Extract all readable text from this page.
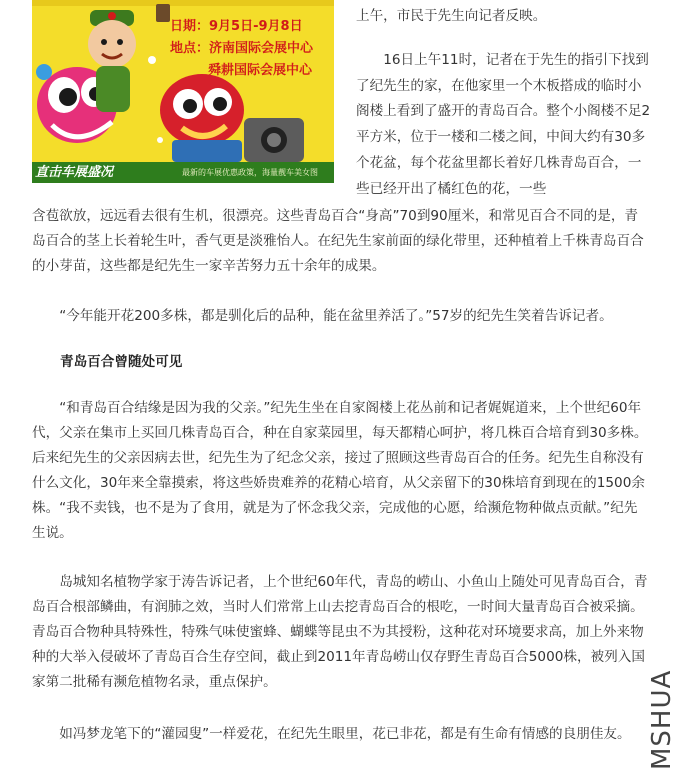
日期：9月5日-9月8日
地点：济南国际会展中心
舜耕国际会展中心
直击车展盛况	最新的车展优惠政策，海量靓车美女图

上午，市民于先生向记者反映。

16日上午11时，记者在于先生的指引下找到了纪先生的家，在他家里一个木板搭成的临时小阁楼上看到了盛开的青岛百合。整个小阁楼不足2平方米，位于一楼和二楼之间，中间大约有30多个花盆，每个花盆里都长着好几株青岛百合，一些已经开出了橘红色的花，一些

含苞欲放，远远看去很有生机，很漂亮。这些青岛百合“身高”70到90厘米，和常见百合不同的是，青岛百合的茎上长着轮生叶，香气更是淡雅怡人。在纪先生家前面的绿化带里，还种植着上千株青岛百合的小芽苗，这些都是纪先生一家辛苦努力五十余年的成果。

“今年能开花200多株，都是驯化后的品种，能在盆里养活了。”57岁的纪先生笑着告诉记者。

青岛百合曾随处可见

“和青岛百合结缘是因为我的父亲。”纪先生坐在自家阁楼上花丛前和记者娓娓道来，上个世纪60年代，父亲在集市上买回几株青岛百合，种在自家菜园里，每天都精心呵护，将几株百合培育到30多株。后来纪先生的父亲因病去世，纪先生为了纪念父亲，接过了照顾这些青岛百合的任务。纪先生自称没有什么文化，30年来全靠摸索，将这些娇贵难养的花精心培育，从父亲留下的30株培育到现在的1500余株。“我不卖钱，也不是为了食用，就是为了怀念我父亲，完成他的心愿，给濒危物种做点贡献。”纪先生说。

岛城知名植物学家于涛告诉记者，上个世纪60年代，青岛的崂山、小鱼山上随处可见青岛百合，青岛百合根部鳞曲，有润肺之效，当时人们常常上山去挖青岛百合的根吃，一时间大量青岛百合被采摘。青岛百合物种具特殊性，特殊气味使蜜蜂、蝴蝶等昆虫不为其授粉，这种花对环境要求高，加上外来物种的大举入侵破坏了青岛百合生存空间，截止到2011年青岛崂山仅存野生青岛百合5000株，被列入国家第二批稀有濒危植物名录，重点保护。

如冯梦龙笔下的“灌园叟”一样爱花，在纪先生眼里，花已非花，都是有生命有情感的良朋佳友。 MSHUA
